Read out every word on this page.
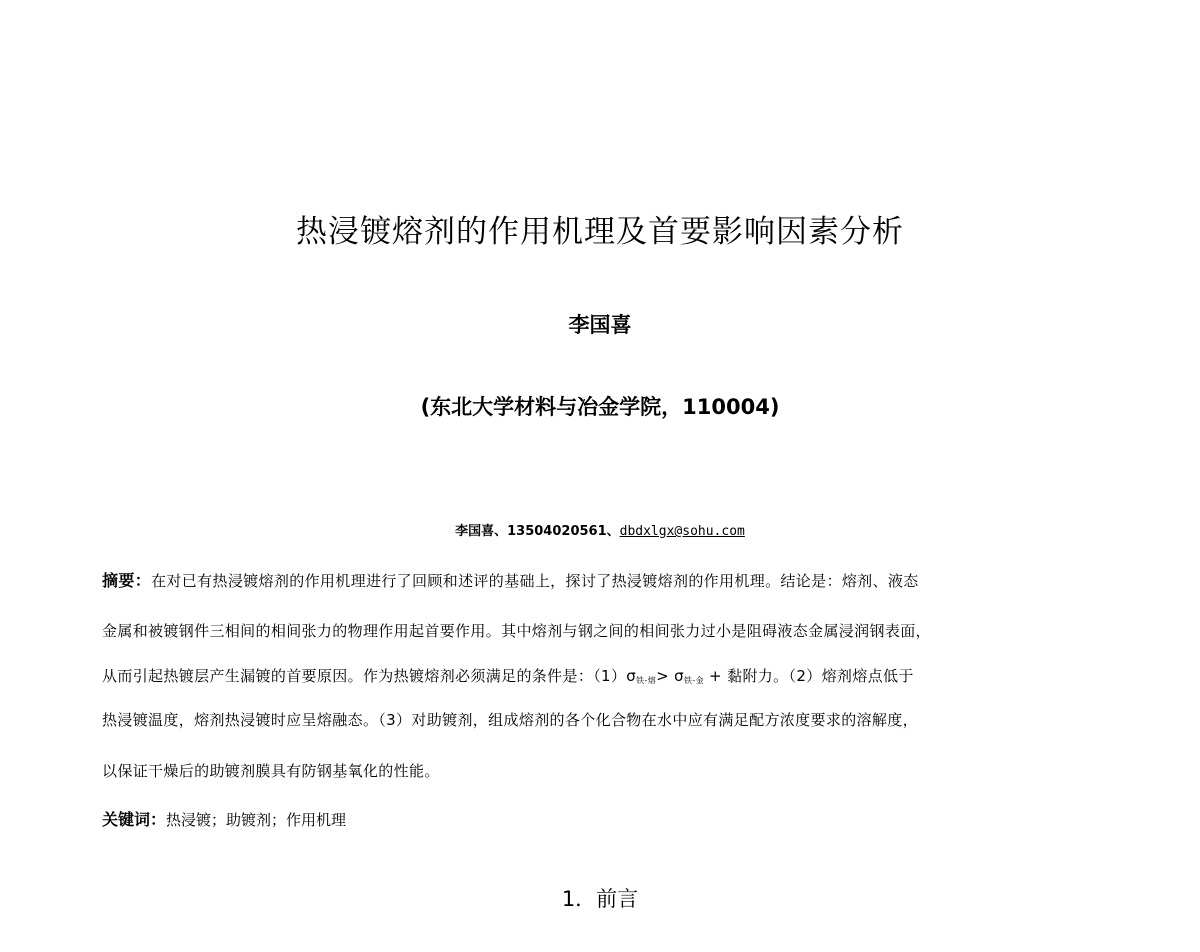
热浸镀熔剂的作用机理及首要影响因素分析
李国喜
(东北大学材料与冶金学院，110004)
李国喜、13504020561、dbdxlgx@sohu.com
摘要：在对已有热浸镀熔剂的作用机理进行了回顾和述评的基础上，探讨了热浸镀熔剂的作用机理。结论是：熔剂、液态
金属和被镀钢件三相间的相间张力的物理作用起首要作用。其中熔剂与钢之间的相间张力过小是阻碍液态金属浸润钢表面，
从而引起热镀层产生漏镀的首要原因。作为热镀熔剂必须满足的条件是：$(1)\sigma_{铁-熔}> \sigma_{铁-金}$ + 黏附力。（2）熔剂熔点低于
热浸镀温度，熔剂热浸镀时应呈熔融态。（3）对助镀剂，组成熔剂的各个化合物在水中应有满足配方浓度要求的溶解度，
以保证干燥后的助镀剂膜具有防钢基氧化的性能。
关键词：热浸镀；助镀剂；作用机理
1．前言
